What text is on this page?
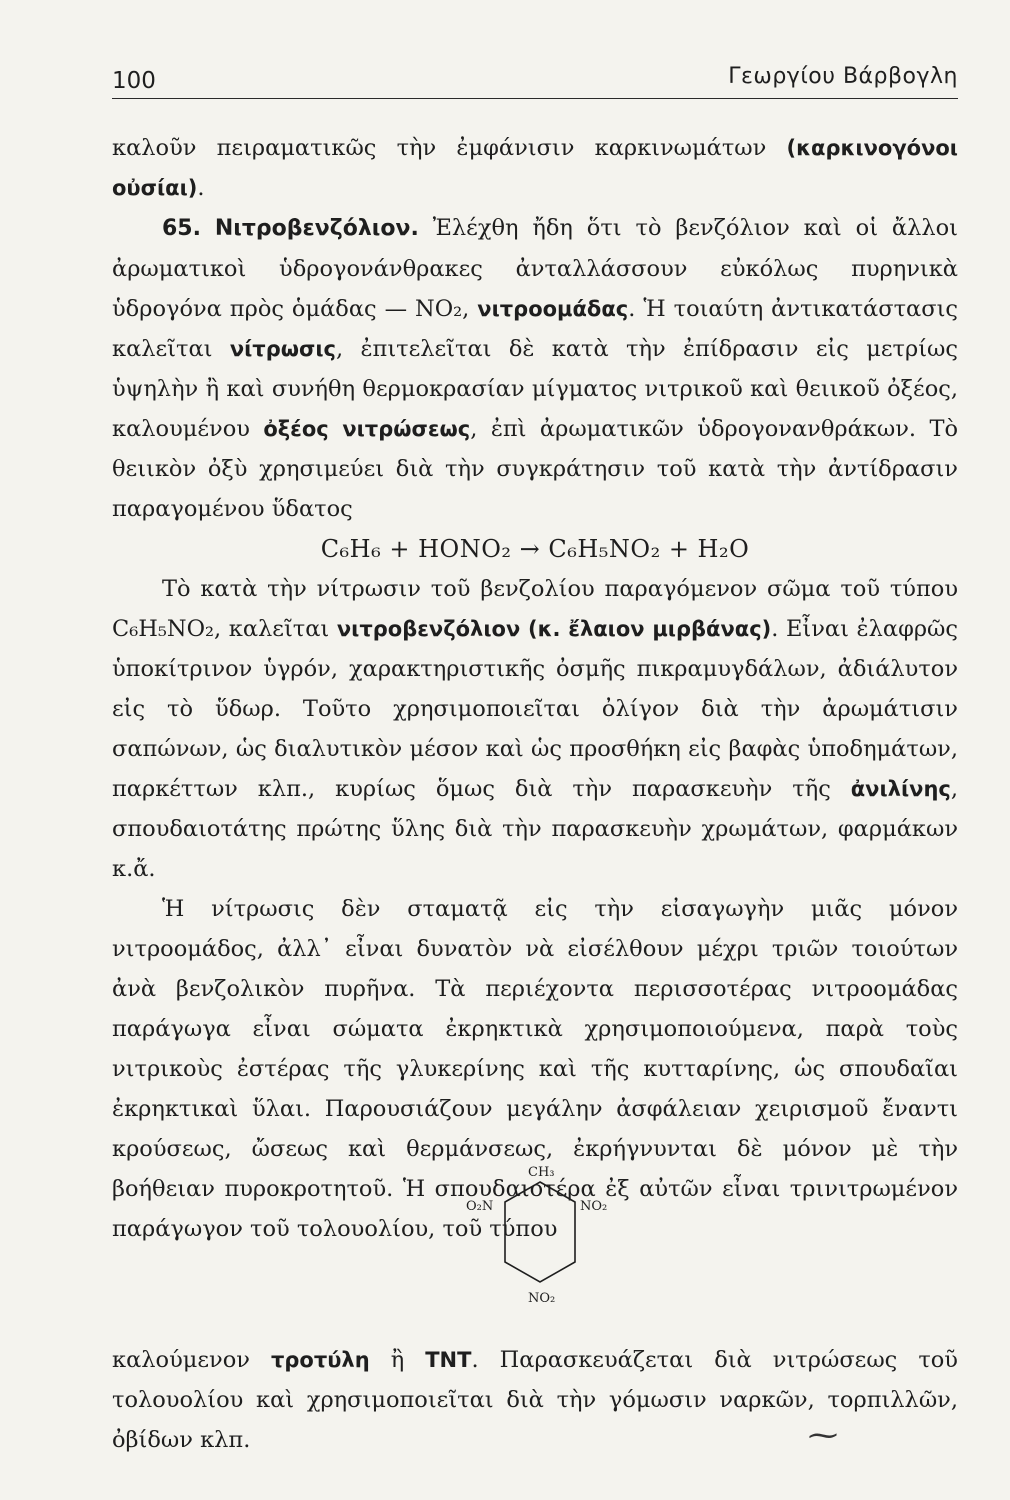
100	Γεωργίου Βάρβογλη

καλοῦν πειραματικῶς τὴν ἐμφάνισιν καρκινωμάτων (καρκινογόνοι οὐσίαι).

65. Νιτροβενζόλιον. Ἐλέχθη ἤδη ὅτι τὸ βενζόλιον καὶ οἱ ἄλλοι ἀρωματικοὶ ὑδρογονάνθρακες ἀνταλλάσσουν εὐκόλως πυρηνικὰ ὑδρογόνα πρὸς ὁμάδας — NO₂, νιτροομάδας. Ἡ τοιαύτη ἀντικατάστασις καλεῖται νίτρωσις, ἐπιτελεῖται δὲ κατὰ τὴν ἐπίδρασιν εἰς μετρίως ὑψηλὴν ἢ καὶ συνήθη θερμοκρασίαν μίγματος νιτρικοῦ καὶ θειικοῦ ὀξέος, καλουμένου ὀξέος νιτρώσεως, ἐπὶ ἀρωματικῶν ὑδρογονανθράκων. Τὸ θειικὸν ὀξὺ χρησιμεύει διὰ τὴν συγκράτησιν τοῦ κατὰ τὴν ἀντίδρασιν παραγομένου ὕδατος

C₆H₆ + HONO₂ → C₆H₅NO₂ + H₂O

Τὸ κατὰ τὴν νίτρωσιν τοῦ βενζολίου παραγόμενον σῶμα τοῦ τύπου C₆H₅NO₂, καλεῖται νιτροβενζόλιον (κ. ἔλαιον μιρβάνας). Εἶναι ἐλαφρῶς ὑποκίτρινον ὑγρόν, χαρακτηριστικῆς ὀσμῆς πικραμυγδάλων, ἀδιάλυτον εἰς τὸ ὕδωρ. Τοῦτο χρησιμοποιεῖται ὀλίγον διὰ τὴν ἀρωμάτισιν σαπώνων, ὡς διαλυτικὸν μέσον καὶ ὡς προσθήκη εἰς βαφὰς ὑποδημάτων, παρκέττων κλπ., κυρίως ὅμως διὰ τὴν παρασκευὴν τῆς ἀνιλίνης, σπουδαιοτάτης πρώτης ὕλης διὰ τὴν παρασκευὴν χρωμάτων, φαρμάκων κ.ἄ.

Ἡ νίτρωσις δὲν σταματᾷ εἰς τὴν εἰσαγωγὴν μιᾶς μόνον νιτροομάδος, ἀλλ᾽ εἶναι δυνατὸν νὰ εἰσέλθουν μέχρι τριῶν τοιούτων ἀνὰ βενζολικὸν πυρῆνα. Τὰ περιέχοντα περισσοτέρας νιτροομάδας παράγωγα εἶναι σώματα ἐκρηκτικὰ χρησιμοποιούμενα, παρὰ τοὺς νιτρικοὺς ἐστέρας τῆς γλυκερίνης καὶ τῆς κυτταρίνης, ὡς σπουδαῖαι ἐκρηκτικαὶ ὕλαι. Παρουσιάζουν μεγάλην ἀσφάλειαν χειρισμοῦ ἔναντι κρούσεως, ὤσεως καὶ θερμάνσεως, ἐκρήγνυνται δὲ μόνον μὲ τὴν βοήθειαν πυροκροτητοῦ. Ἡ σπουδαιοτέρα ἐξ αὐτῶν εἶναι τρινιτρωμένον παράγωγον τοῦ τολουολίου, τοῦ τύπου

CH₃
O₂N	NO₂
NO₂

καλούμενον τροτύλη ἢ TNT. Παρασκευάζεται διὰ νιτρώσεως τοῦ τολουολίου καὶ χρησιμοποιεῖται διὰ τὴν γόμωσιν ναρκῶν, τορπιλλῶν, ὀβίδων κλπ.	⁓
